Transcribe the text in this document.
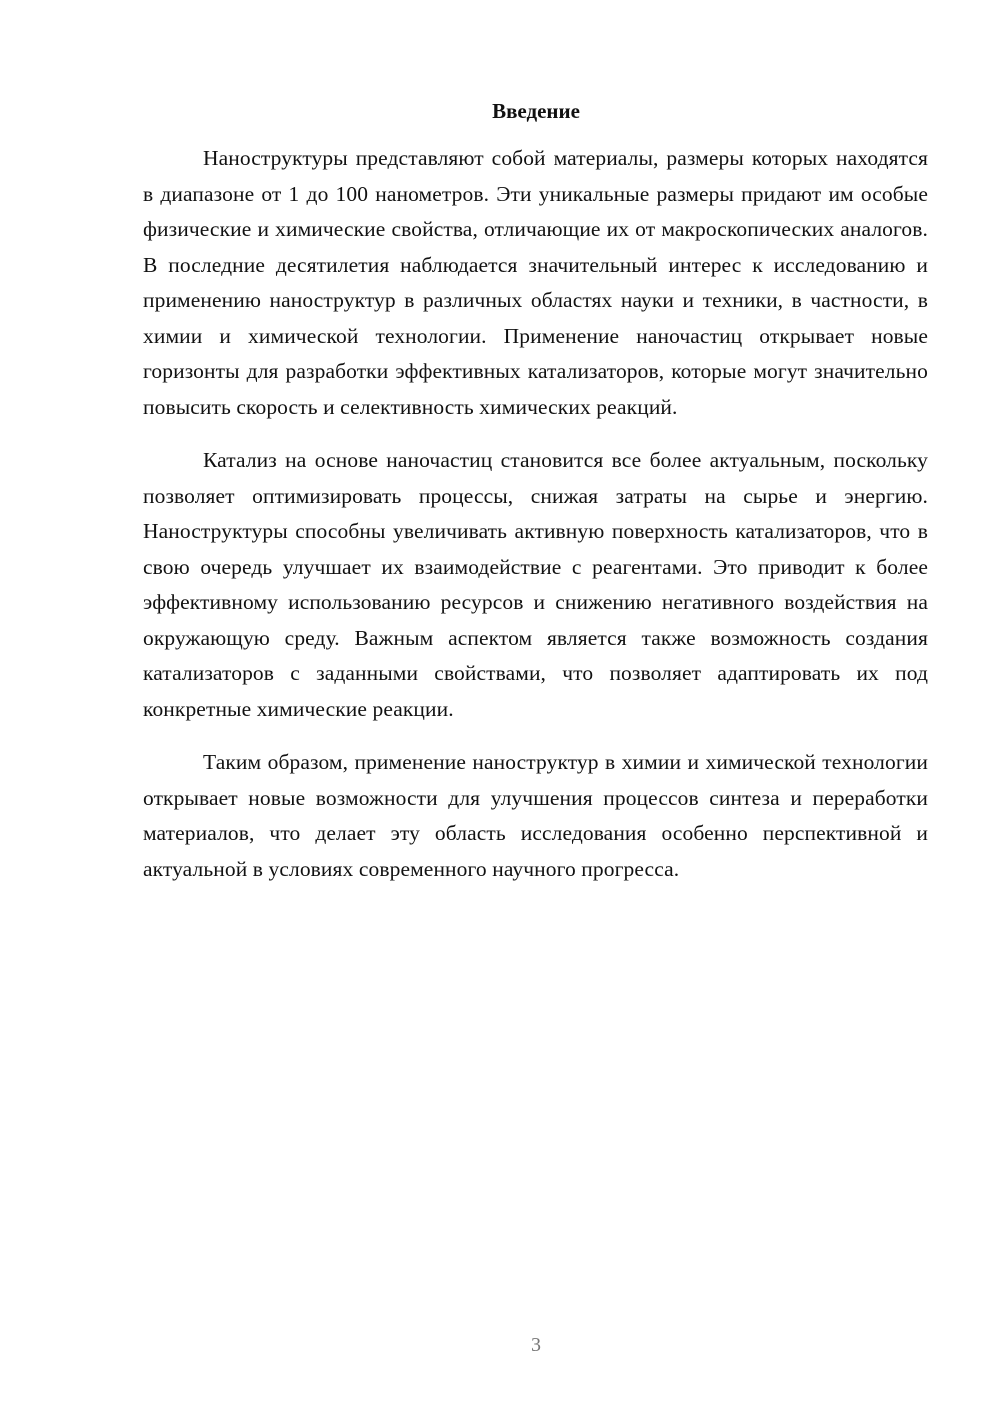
Введение

Наноструктуры представляют собой материалы, размеры которых находятся в диапазоне от 1 до 100 нанометров. Эти уникальные размеры придают им особые физические и химические свойства, отличающие их от макроскопических аналогов. В последние десятилетия наблюдается значительный интерес к исследованию и применению наноструктур в различных областях науки и техники, в частности, в химии и химической технологии. Применение наночастиц открывает новые горизонты для разработки эффективных катализаторов, которые могут значительно повысить скорость и селективность химических реакций.

Катализ на основе наночастиц становится все более актуальным, поскольку позволяет оптимизировать процессы, снижая затраты на сырье и энергию. Наноструктуры способны увеличивать активную поверхность катализаторов, что в свою очередь улучшает их взаимодействие с реагентами. Это приводит к более эффективному использованию ресурсов и снижению негативного воздействия на окружающую среду. Важным аспектом является также возможность создания катализаторов с заданными свойствами, что позволяет адаптировать их под конкретные химические реакции.

Таким образом, применение наноструктур в химии и химической технологии открывает новые возможности для улучшения процессов синтеза и переработки материалов, что делает эту область исследования особенно перспективной и актуальной в условиях современного научного прогресса.

3
